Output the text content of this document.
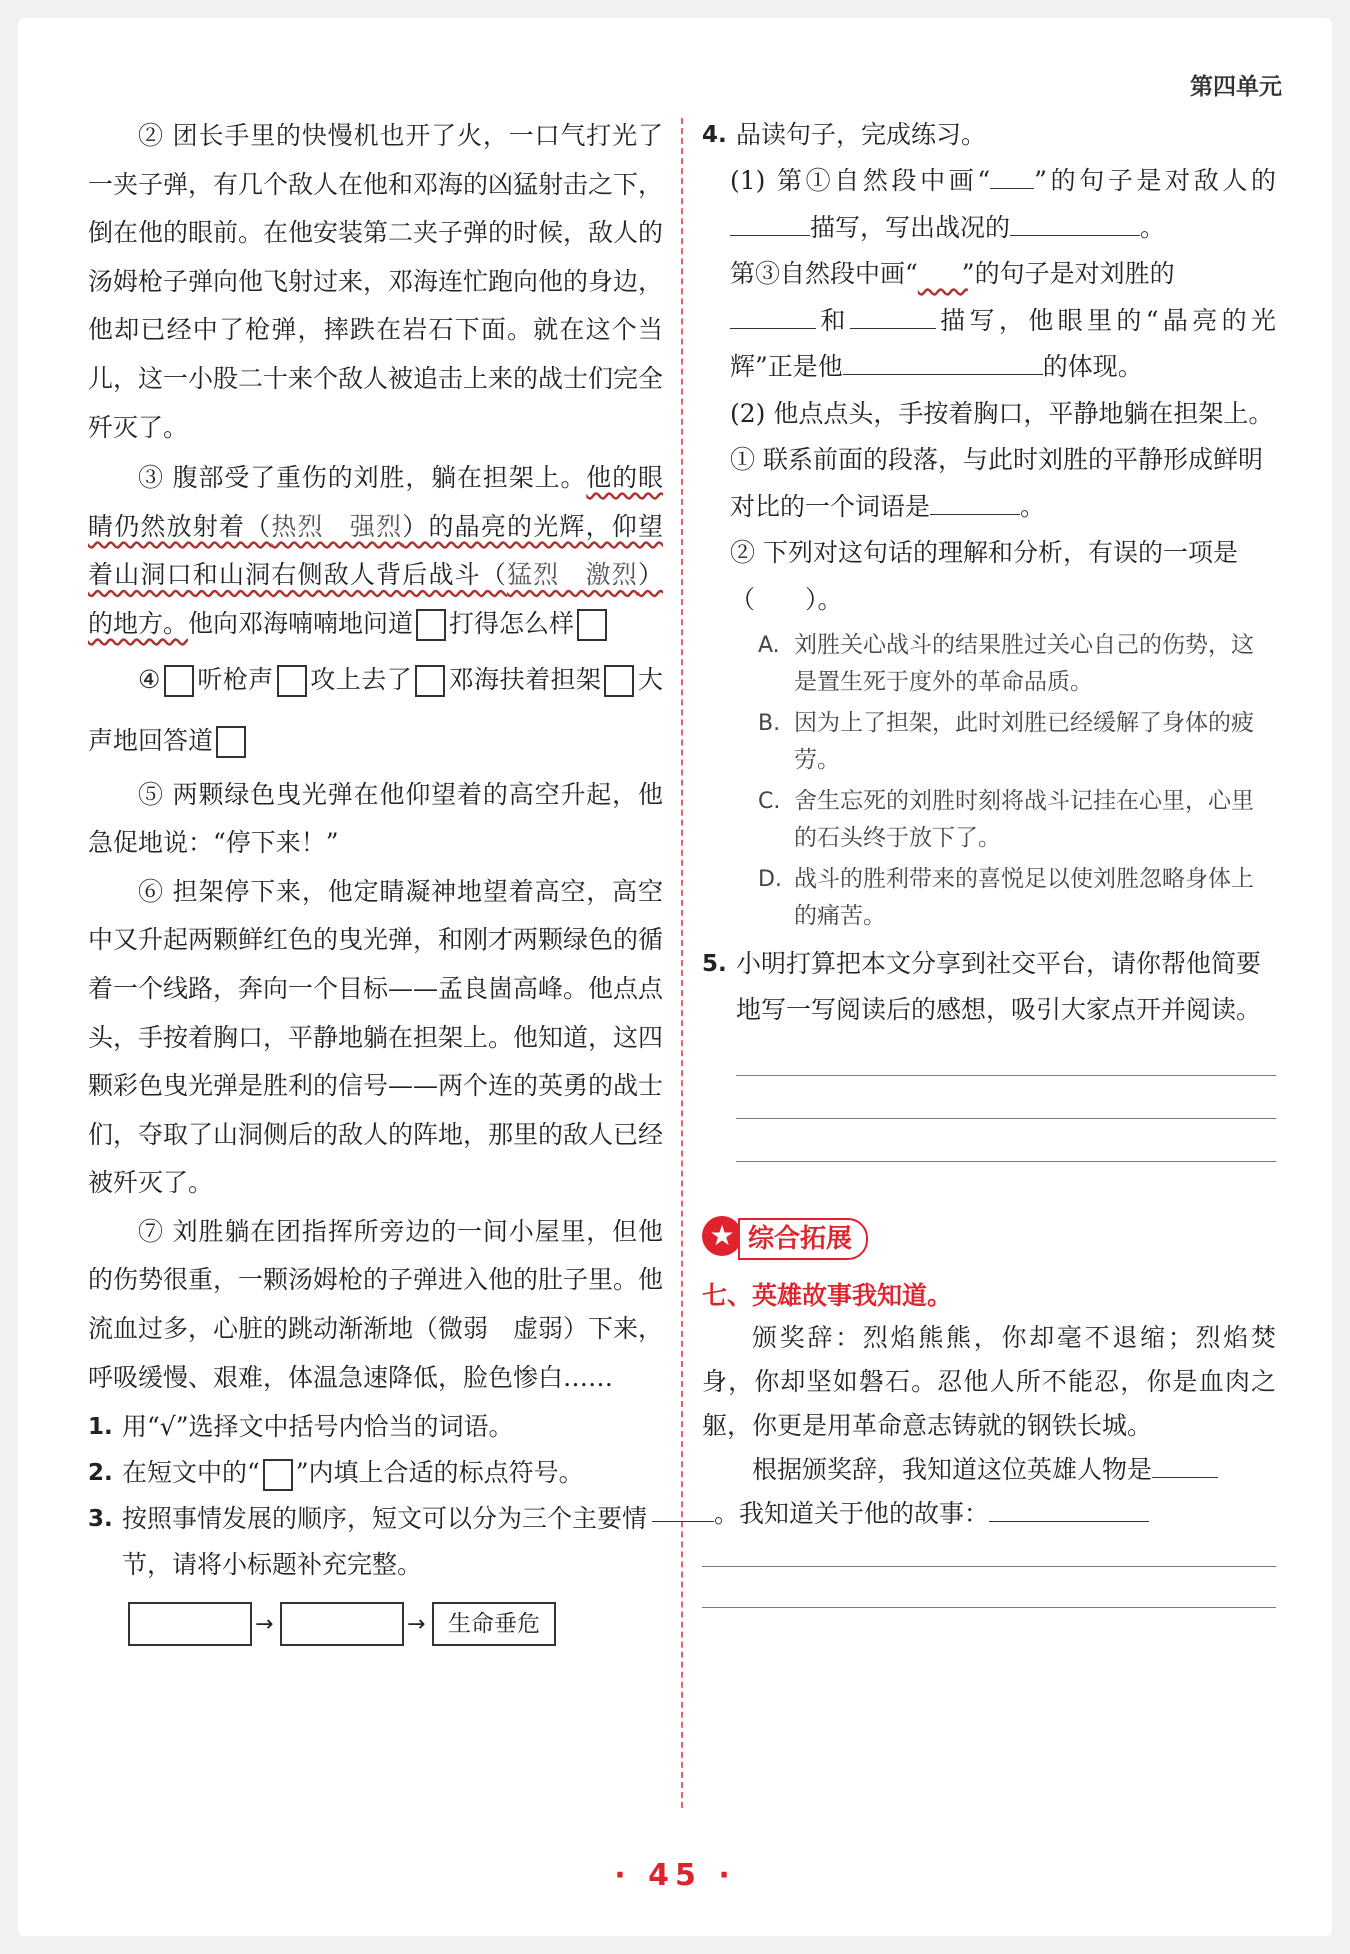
第四单元

② 团长手里的快慢机也开了火，一口气打光了一夹子弹，有几个敌人在他和邓海的凶猛射击之下，倒在他的眼前。在他安装第二夹子弹的时候，敌人的汤姆枪子弹向他飞射过来，邓海连忙跑向他的身边，他却已经中了枪弹，摔跌在岩石下面。就在这个当儿，这一小股二十来个敌人被追击上来的战士们完全歼灭了。

③ 腹部受了重伤的刘胜，躺在担架上。他的眼睛仍然放射着（热烈　强烈）的晶亮的光辉，仰望着山洞口和山洞右侧敌人背后战斗（猛烈　激烈）的地方。他向邓海喃喃地问道 打得怎么样

④ 听枪声 攻上去了 邓海扶着担架 大声地回答道

⑤ 两颗绿色曳光弹在他仰望着的高空升起，他急促地说：“停下来！”

⑥ 担架停下来，他定睛凝神地望着高空，高空中又升起两颗鲜红色的曳光弹，和刚才两颗绿色的循着一个线路，奔向一个目标——孟良崮高峰。他点点头，手按着胸口，平静地躺在担架上。他知道，这四颗彩色曳光弹是胜利的信号——两个连的英勇的战士们，夺取了山洞侧后的敌人的阵地，那里的敌人已经被歼灭了。

⑦ 刘胜躺在团指挥所旁边的一间小屋里，但他的伤势很重，一颗汤姆枪的子弹进入他的肚子里。他流血过多，心脏的跳动渐渐地（微弱　虚弱）下来，呼吸缓慢、艰难，体温急速降低，脸色惨白……

1. 用“√”选择文中括号内恰当的词语。

2. 在短文中的“ ”内填上合适的标点符号。

3. 按照事情发展的顺序，短文可以分为三个主要情节，请将小标题补充完整。

→	→ 生命垂危

4. 品读句子，完成练习。

(1) 第①自然段中画“ ”的句子是对敌人的描写，写出战况的	。
第③自然段中画“　　 ”的句子是对刘胜的
和	描写，他眼里的“晶亮的光辉”正是他	的体现。

(2) 他点点头，手按着胸口，平静地躺在担架上。

① 联系前面的段落，与此时刘胜的平静形成鲜明对比的一个词语是	。

② 下列对这句话的理解和分析，有误的一项是（　　）。

A. 刘胜关心战斗的结果胜过关心自己的伤势，这是置生死于度外的革命品质。

B. 因为上了担架，此时刘胜已经缓解了身体的疲劳。

C. 舍生忘死的刘胜时刻将战斗记挂在心里，心里的石头终于放下了。

D. 战斗的胜利带来的喜悦足以使刘胜忽略身体上的痛苦。

5. 小明打算把本文分享到社交平台，请你帮他简要地写一写阅读后的感想，吸引大家点开并阅读。

★ 综合拓展
七、英雄故事我知道。

颁奖辞：烈焰熊熊，你却毫不退缩；烈焰焚身，你却坚如磐石。忍他人所不能忍，你是血肉之躯，你更是用革命意志铸就的钢铁长城。

根据颁奖辞，我知道这位英雄人物是
。我知道关于他的故事：

· 45 ·
